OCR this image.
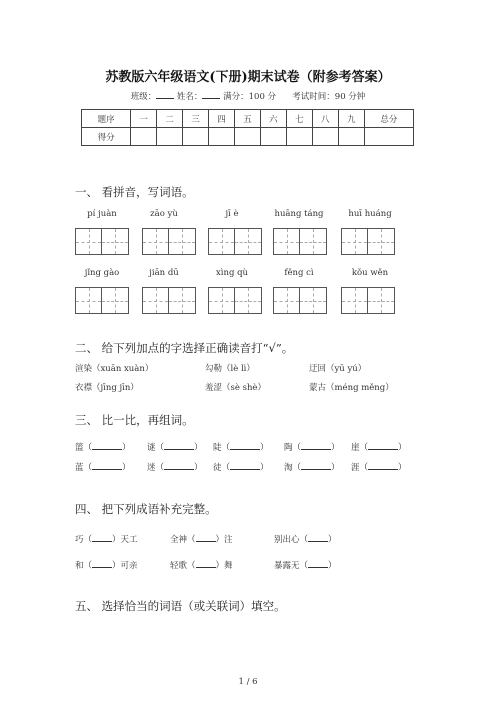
苏教版六年级语文(下册)期末试卷（附参考答案）
班级： 姓名： 满分：100 分 考试时间：90 分钟
题序	一	二	三	四	五	六	七	八	九	总分
得分										
一、 看拼音，写词语。
pí juàn	zāo yù	jī è	huāng táng	huī huáng
jǐng gào	jiān dū	xìng qù	fěng cì	kǒu wěn
二、 给下列加点的字选择正确读音打“√”。
渲染（xuān xuàn）	勾勒（lè lì）	迂回（yū yú）
衣襟（jīng jīn）	羞涩（sè shè）	蒙古（méng měng）
三、 比一比，再组词。
篮（	） 谜（	） 陡（	） 陶（	） 崖（	）
蓝（	） 迷（	） 徒（	） 淘（	） 涯（	）
四、 把下列成语补充完整。
巧（ ）天工	全神（ ）注	别出心（ ）
和（ ）可亲	轻歌（ ）舞	暴露无（ ）
五、 选择恰当的词语（或关联词）填空。
1 / 6
